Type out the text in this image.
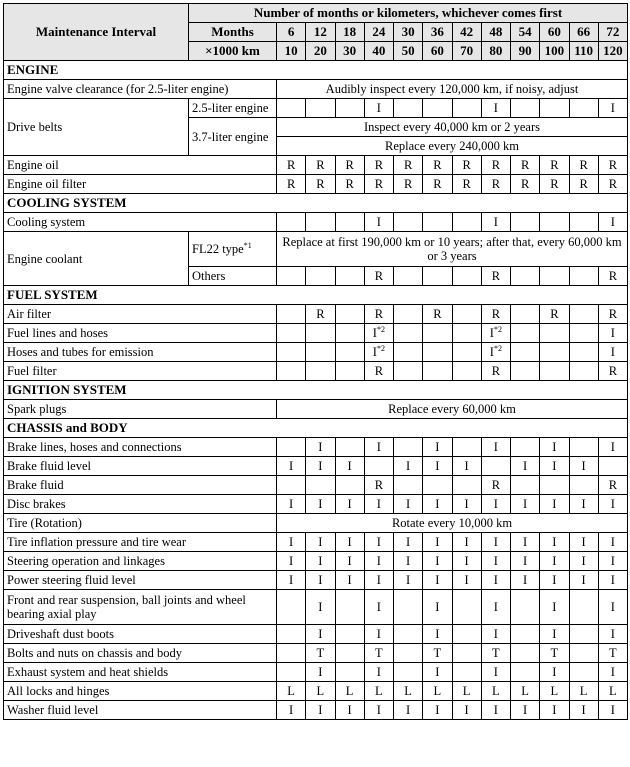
Maintenance Interval	Number of months or kilometers, whichever comes first												
	Months	6	12	18	24	30	36	42	48	54	60	66	72
	×1000 km	10	20	30	40	50	60	70	80	90	100	110	120
ENGINE													
Engine valve clearance (for 2.5-liter engine)		Audibly inspect every 120,000 km, if noisy, adjust											
Drive belts	2.5-liter engine				I				I				I
	3.7-liter engine	Inspect every 40,000 km or 2 years											
		Replace every 240,000 km											
Engine oil		R	R	R	R	R	R	R	R	R	R	R	R
Engine oil filter		R	R	R	R	R	R	R	R	R	R	R	R
COOLING SYSTEM													
Cooling system					I				I				I
Engine coolant	FL22 type$^{*1}$	Replace at first 190,000 km or 10 years; after that, every 60,000 km or 3 years											
	Others				R				R				R
FUEL SYSTEM													
Air filter			R		R		R		R		R		R
Fuel lines and hoses					$I^{*2}$				$I^{*2}$				I
Hoses and tubes for emission					$I^{*2}$				$I^{*2}$				I
Fuel filter					R				R				R
IGNITION SYSTEM													
Spark plugs		Replace every 60,000 km											
CHASSIS and BODY													
Brake lines, hoses and connections			I		I		I		I		I		I
Brake fluid level		I	I	I		I	I	I		I	I	I	
Brake fluid					R				R				R
Disc brakes		I	I	I	I	I	I	I	I	I	I	I	I
Tire (Rotation)		Rotate every 10,000 km											
Tire inflation pressure and tire wear		I	I	I	I	I	I	I	I	I	I	I	I
Steering operation and linkages		I	I	I	I	I	I	I	I	I	I	I	I
Power steering fluid level		I	I	I	I	I	I	I	I	I	I	I	I
Front and rear suspension, ball joints and wheel bearing axial play			I		I		I		I		I		I
Driveshaft dust boots			I		I		I		I		I		I
Bolts and nuts on chassis and body			T		T		T		T		T		T
Exhaust system and heat shields			I		I		I		I		I		I
All locks and hinges		L	L	L	L	L	L	L	L	L	L	L	L
Washer fluid level		I	I	I	I	I	I	I	I	I	I	I	I
